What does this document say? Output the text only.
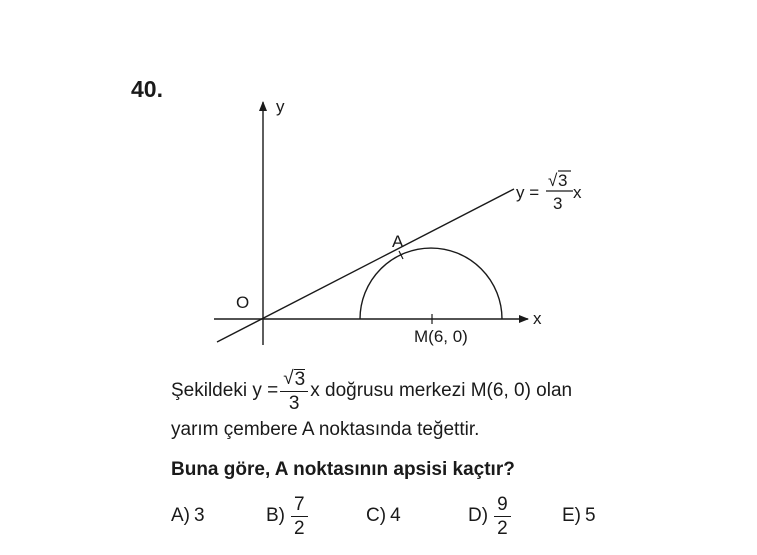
40.
y
x
O
A
M(6, 0)
y =
√ 3
3
x
Şekildeki $y = \frac{√ 3}{3}$ x doğrusu merkezi M(6, 0) olan
yarım çembere A noktasında teğettir.
Buna göre, A noktasının apsisi kaçtır?
A) 3	$B) \frac{7}{2}$	C) 4	$D) \frac{9}{2}$	E) 5
